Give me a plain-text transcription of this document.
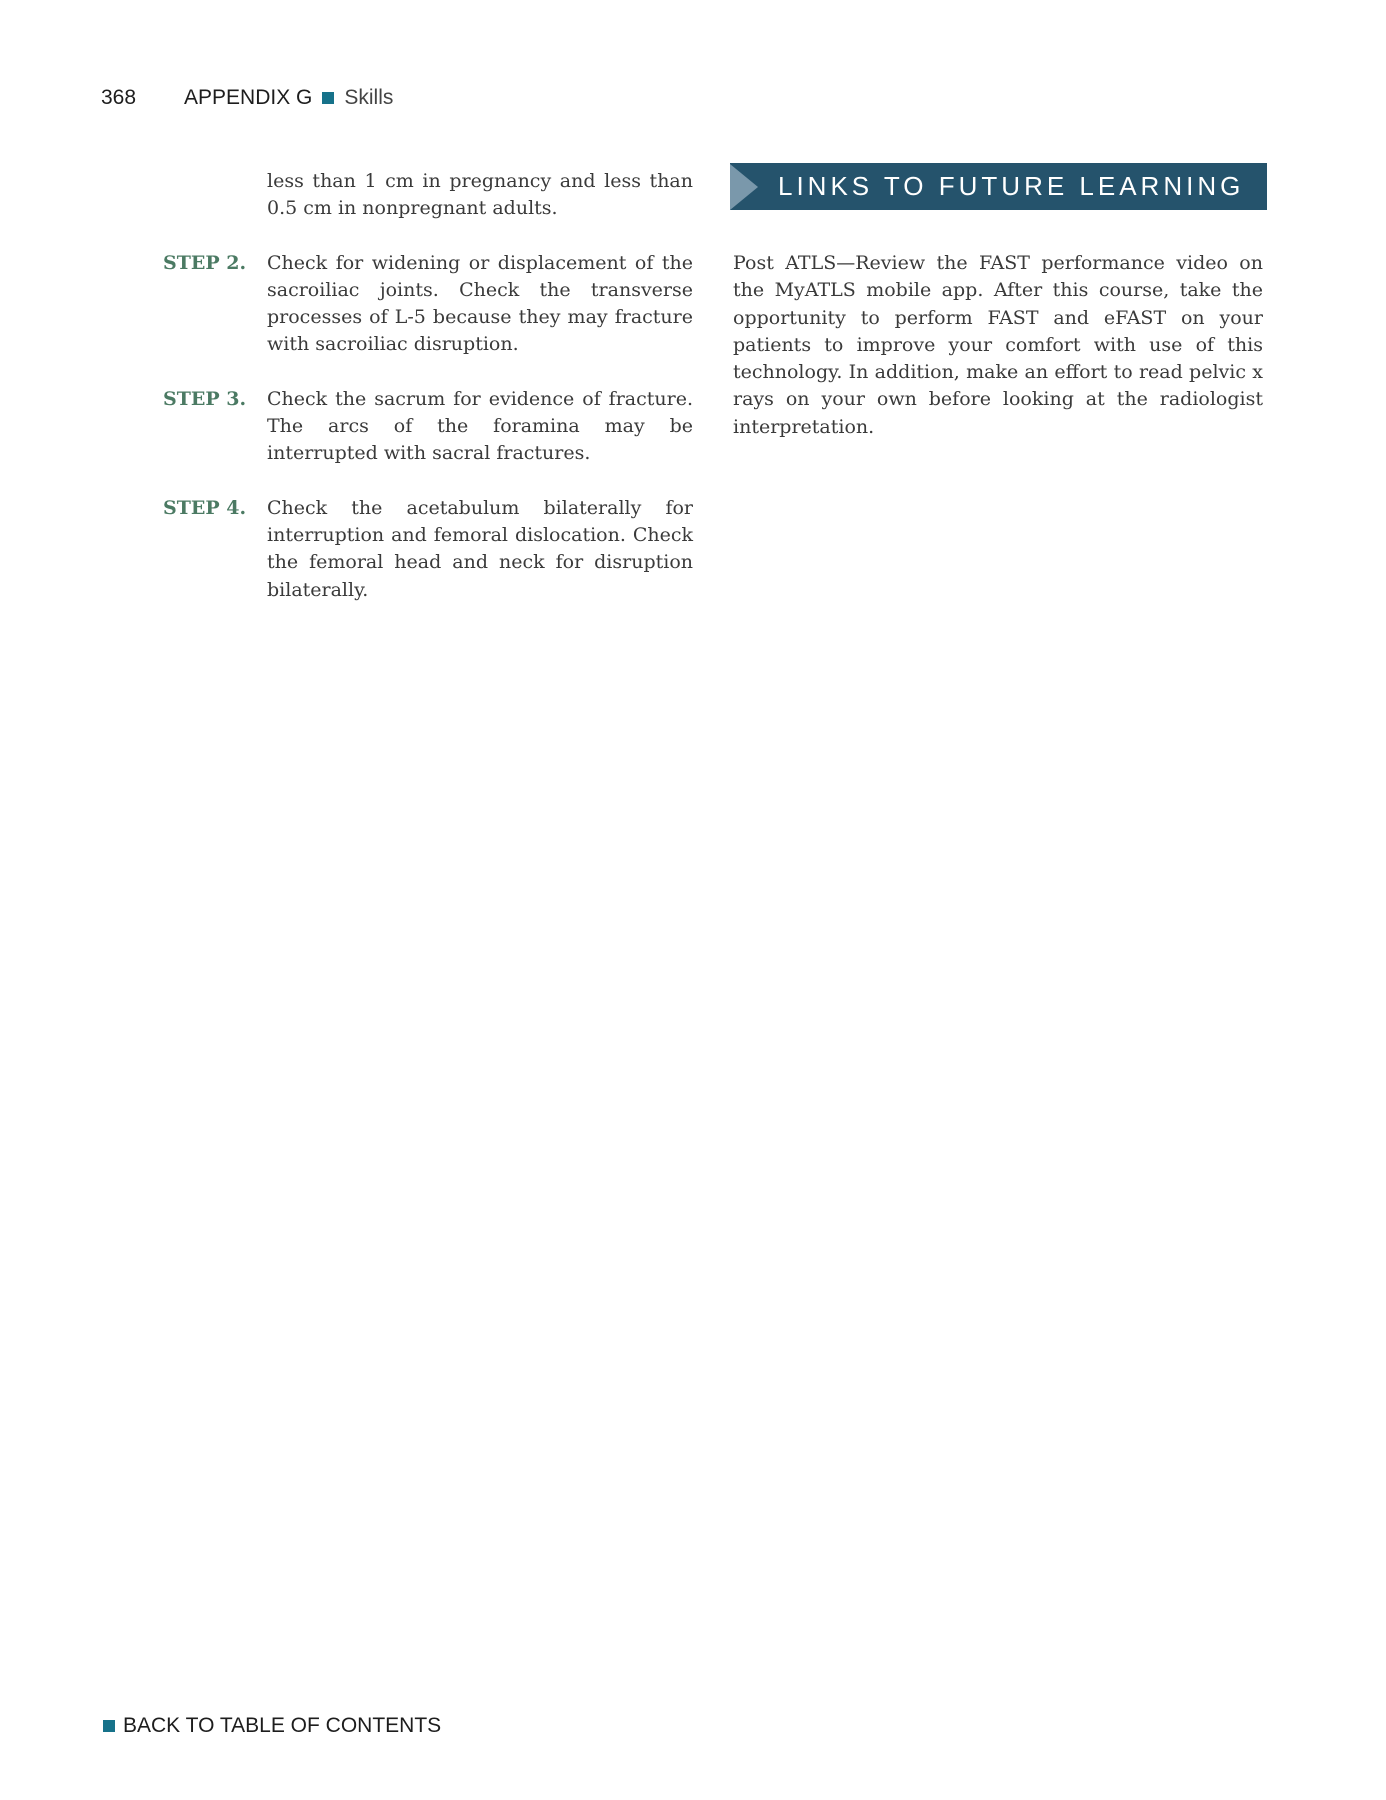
368	APPENDIX G Skills
less than 1 cm in pregnancy and less than 0.5 cm in nonpregnant adults.
STEP 2.	Check for widening or displacement of the sacroiliac joints. Check the transverse processes of L-5 because they may fracture with sacroiliac disruption.
STEP 3.	Check the sacrum for evidence of fracture. The arcs of the foramina may be interrupted with sacral fractures.
STEP 4.	Check the acetabulum bilaterally for interruption and femoral dislocation. Check the femoral head and neck for disruption bilaterally.
LINKS TO FUTURE LEARNING
Post ATLS—Review the FAST performance video on the MyATLS mobile app. After this course, take the opportunity to perform FAST and eFAST on your patients to improve your comfort with use of this technology. In addition, make an effort to read pelvic x rays on your own before looking at the radiologist interpretation.
BACK TO TABLE OF CONTENTS
